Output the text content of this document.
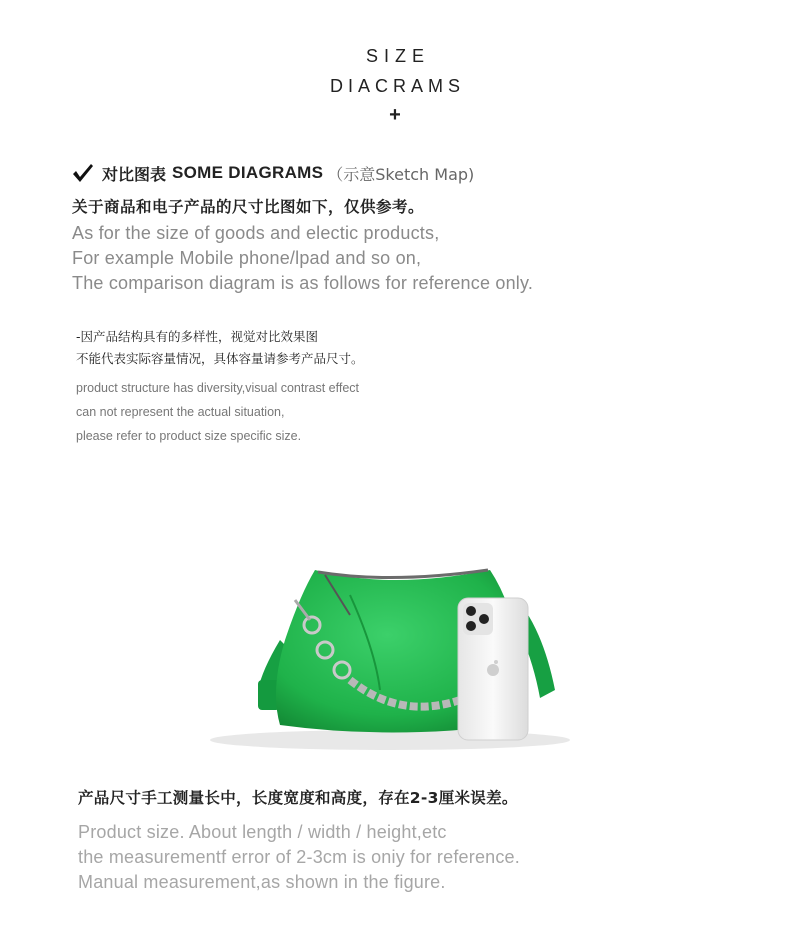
SIZE
DIACRAMS
+
对比图表 SOME DIAGRAMS （示意Sketch Map)
关于商品和电子产品的尺寸比图如下，仅供参考。
As for the size of goods and electic products,
For example Mobile phone/lpad and so on,
The comparison diagram is as follows for reference only.
-因产品结构具有的多样性，视觉对比效果图
不能代表实际容量情况，具体容量请参考产品尺寸。
product structure has diversity,visual contrast effect
can not represent the actual situation,
please refer to product size specific size.
产品尺寸手工测量长中，长度宽度和高度，存在2-3厘米误差。
Product size. About length / width / height,etc
the measurementf error of 2-3cm is oniy for reference.
Manual measurement,as shown in the figure.
